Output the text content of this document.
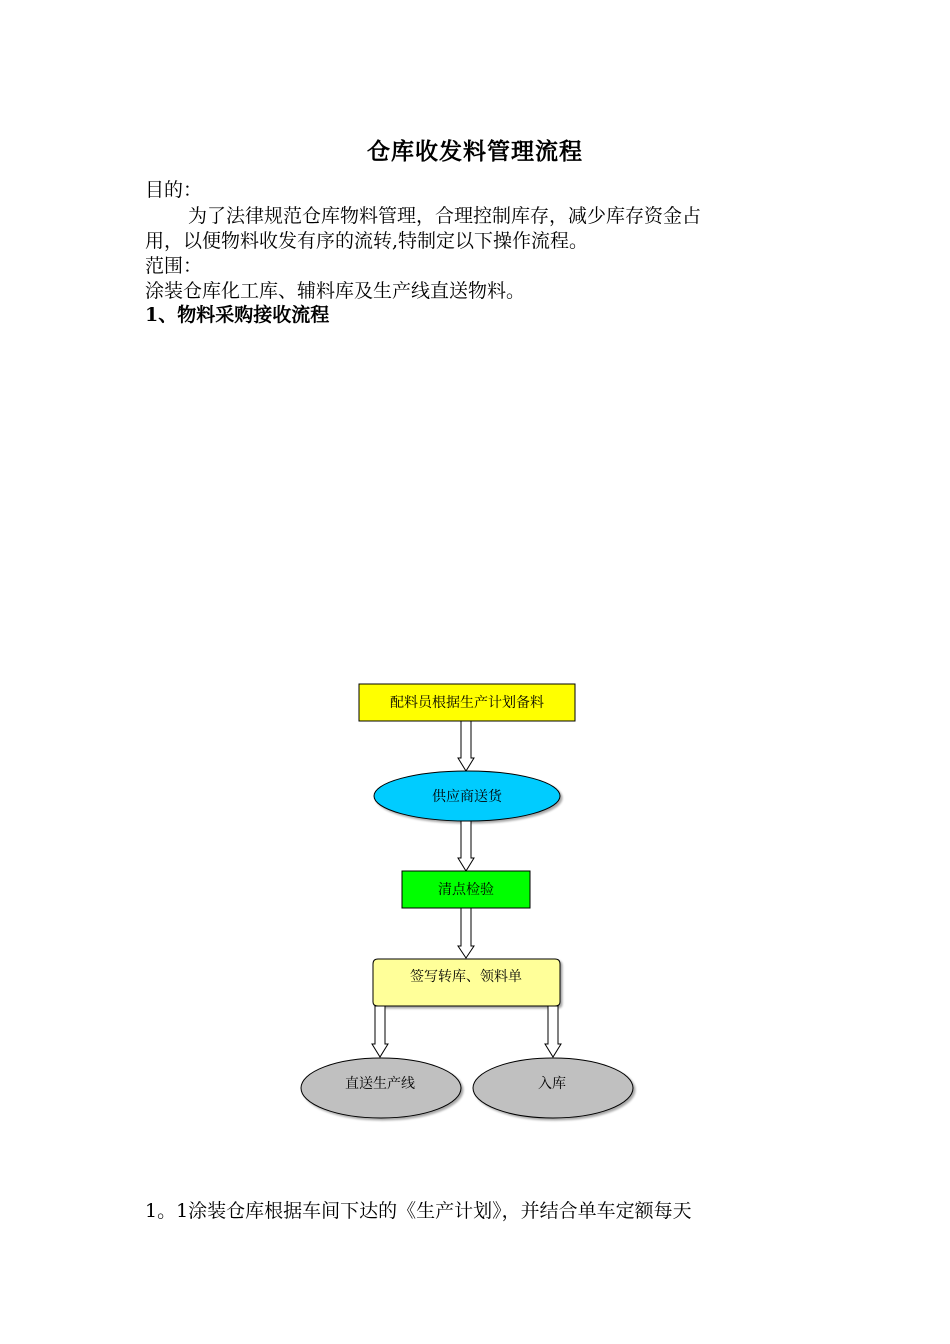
仓库收发料管理流程
目的：
为了法律规范仓库物料管理，合理控制库存，减少库存资金占
用，以便物料收发有序的流转,特制定以下操作流程。
范围：
涂装仓库化工库、辅料库及生产线直送物料。
1、物料采购接收流程
配料员根据生产计划备料
供应商送货
清点检验
签写转库、领料单
直送生产线	入库
1。1涂装仓库根据车间下达的《生产计划》，并结合单车定额每天
